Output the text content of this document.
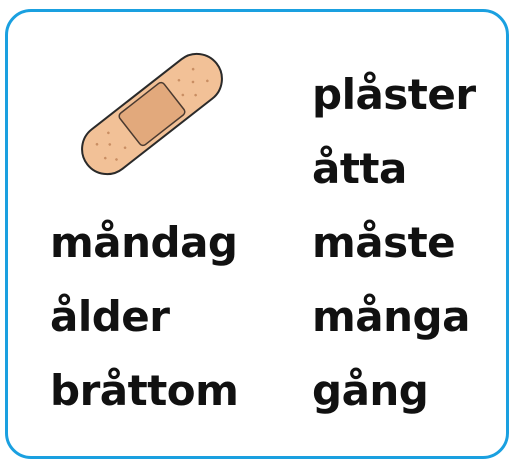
måndag
ålder
bråttom
plåster
åtta
måste
många
gång
